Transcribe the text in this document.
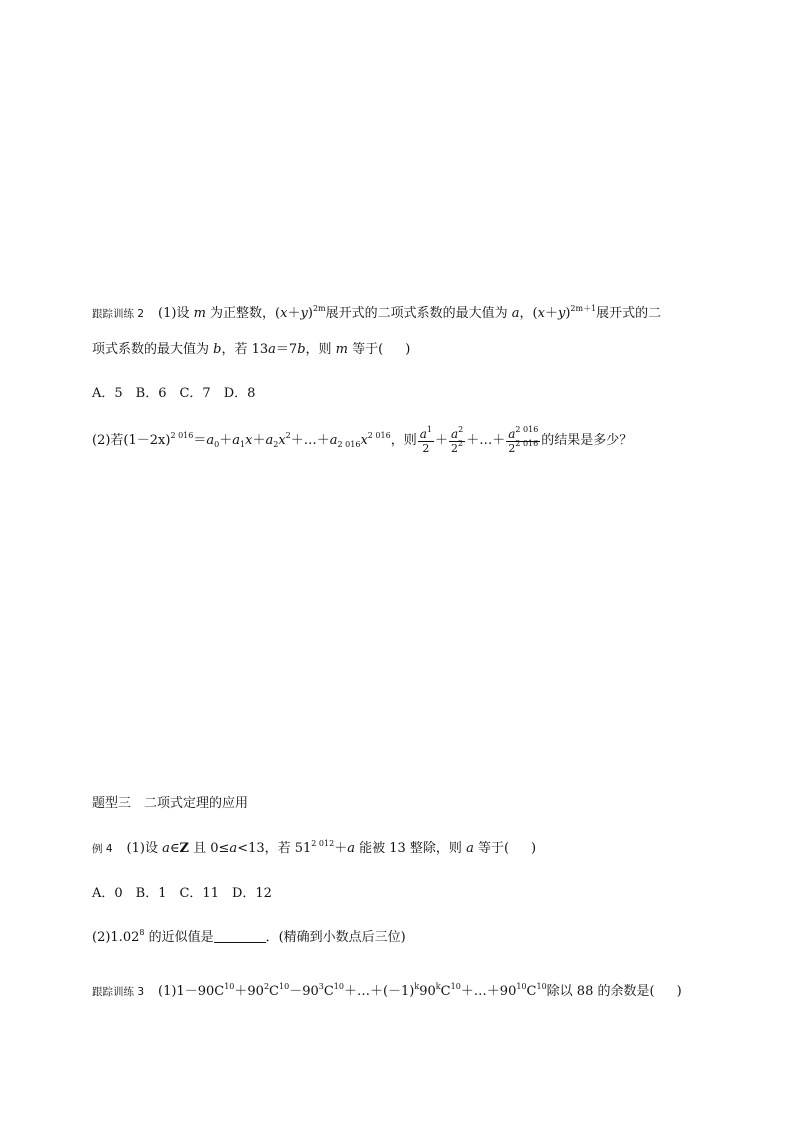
跟踪训练 2 (1)设 m 为正整数，$(x+y)^{2m}$展开式的二项式系数的最大值为 a，$(x+y)^{2m+1}$展开式的二
项式系数的最大值为 b，若 13a＝7b，则 m 等于( )
A．5　B．6　C．7　D．8
(2)若$(1-2x)^{2 016}=a_0+a_1x+a_2x^2+\dots+a_{2 016}x^{2 016}$，则 $\frac{a^1}{2} + \frac{a^2}{2^2}$ ＋…＋ $\frac{a^{2 016}}{2^{2 016}}$ 的结果是多少？
题型三　二项式定理的应用
例 4 (1)设 a∈Z 且 0≤a<13，若 $51^{2 012}+a$ 能被 13 整除，则 a 等于( )
A．0　B．1　C．11　D．12
(2)1.02$^8$ 的近似值是	．(精确到小数点后三位)
跟踪训练 3 $(1)1-90C^{10}+90^2C^{10}-90^3C^{10}+\dots+(-1)^k90^kC^{10}+\dots+90^{10}C^{10}$除以 88 的余数是( )
